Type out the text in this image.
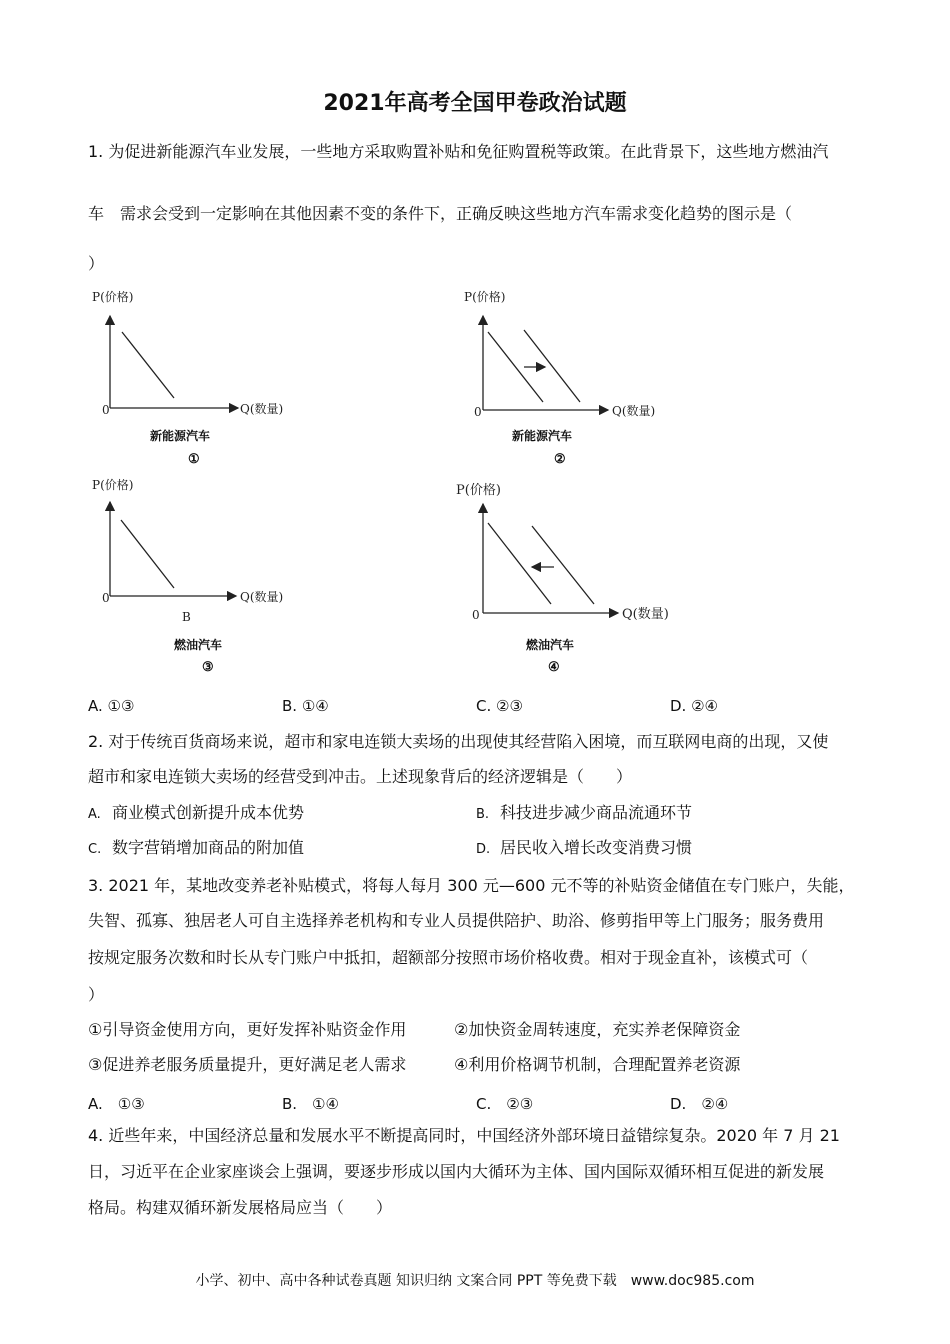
2021年高考全国甲卷政治试题
1. 为促进新能源汽车业发展，一些地方采取购置补贴和免征购置税等政策。在此背景下，这些地方燃油汽
车　需求会受到一定影响在其他因素不变的条件下，正确反映这些地方汽车需求变化趋势的图示是（
）
P(价格)
Q(数量)
0
新能源汽车
①
P(价格)
Q(数量)
0
新能源汽车
②
P(价格)
Q(数量)
0
B
燃油汽车
③
P(价格)
Q(数量)
0
燃油汽车
④
A. ①③	B. ①④	C. ②③	D. ②④
2. 对于传统百货商场来说，超市和家电连锁大卖场的出现使其经营陷入困境，而互联网电商的出现，又使
超市和家电连锁大卖场的经营受到冲击。上述现象背后的经济逻辑是（　　）
A. 商业模式创新提升成本优势	B. 科技进步减少商品流通环节
C. 数字营销增加商品的附加值	D. 居民收入增长改变消费习惯
3. 2021 年，某地改变养老补贴模式，将每人每月 300 元—600 元不等的补贴资金储值在专门账户，失能，
失智、孤寡、独居老人可自主选择养老机构和专业人员提供陪护、助浴、修剪指甲等上门服务；服务费用
按规定服务次数和时长从专门账户中抵扣，超额部分按照市场价格收费。相对于现金直补，该模式可（
）
①引导资金使用方向，更好发挥补贴资金作用	②加快资金周转速度，充实养老保障资金
③促进养老服务质量提升，更好满足老人需求	④利用价格调节机制，合理配置养老资源
A.　①③	B.　①④	C.　②③	D.　②④
4. 近些年来，中国经济总量和发展水平不断提高同时，中国经济外部环境日益错综复杂。2020 年 7 月 21
日，习近平在企业家座谈会上强调，要逐步形成以国内大循环为主体、国内国际双循环相互促进的新发展
格局。构建双循环新发展格局应当（　　）
小学、初中、高中各种试卷真题 知识归纳 文案合同 PPT 等免费下载　www.doc985.com
